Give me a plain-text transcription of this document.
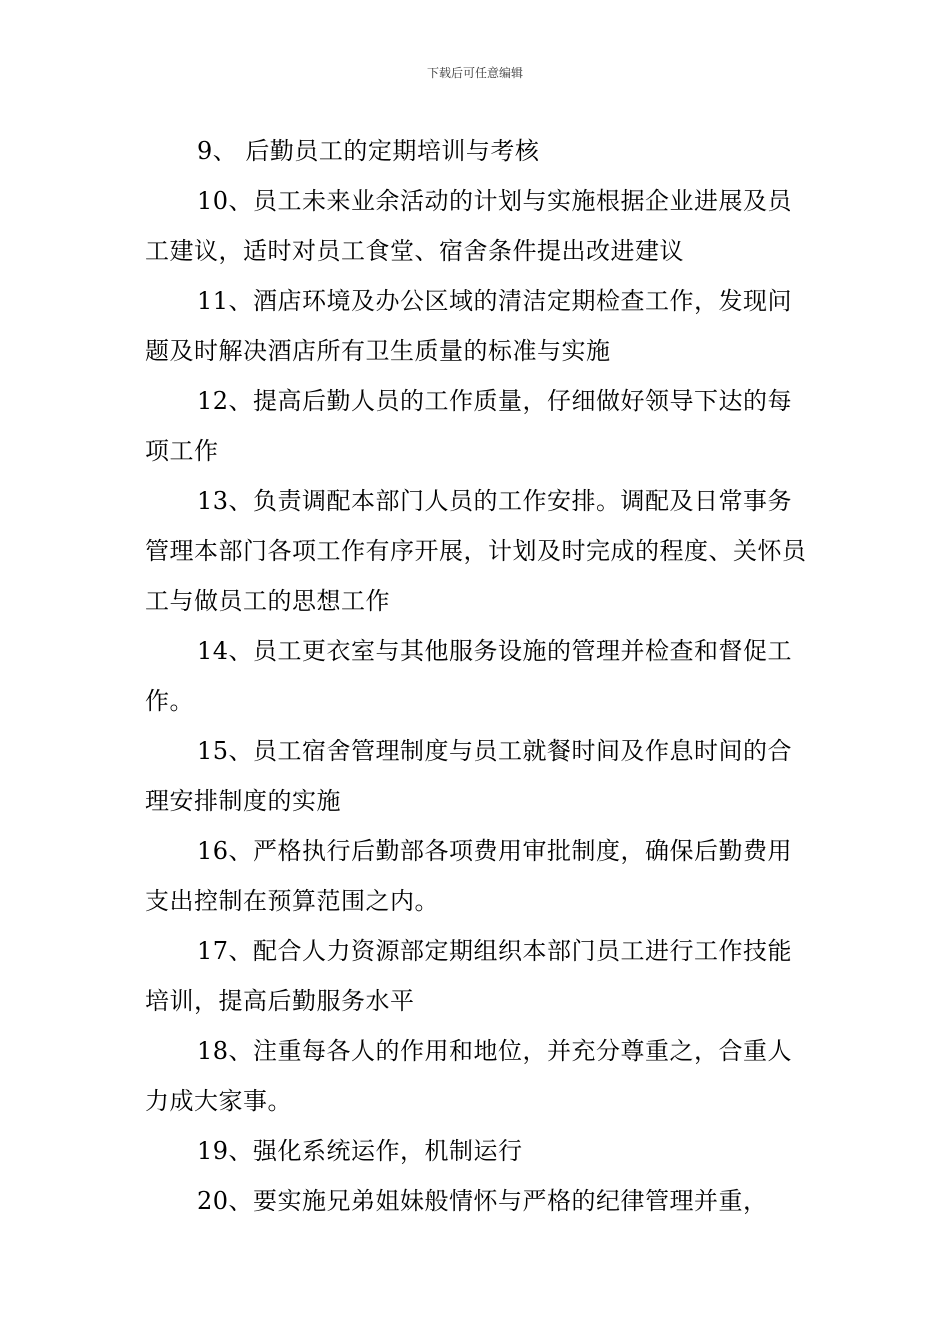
下载后可任意编辑

9、 后勤员工的定期培训与考核

10、员工未来业余活动的计划与实施根据企业进展及员工建议，适时对员工食堂、宿舍条件提出改进建议

11、酒店环境及办公区域的清洁定期检查工作，发现问题及时解决酒店所有卫生质量的标准与实施

12、提高后勤人员的工作质量，仔细做好领导下达的每项工作

13、负责调配本部门人员的工作安排。调配及日常事务管理本部门各项工作有序开展，计划及时完成的程度、关怀员工与做员工的思想工作

14、员工更衣室与其他服务设施的管理并检查和督促工作。

15、员工宿舍管理制度与员工就餐时间及作息时间的合理安排制度的实施

16、严格执行后勤部各项费用审批制度，确保后勤费用支出控制在预算范围之内。

17、配合人力资源部定期组织本部门员工进行工作技能培训，提高后勤服务水平

18、注重每各人的作用和地位，并充分尊重之，合重人力成大家事。

19、强化系统运作，机制运行

20、要实施兄弟姐妹般情怀与严格的纪律管理并重，
